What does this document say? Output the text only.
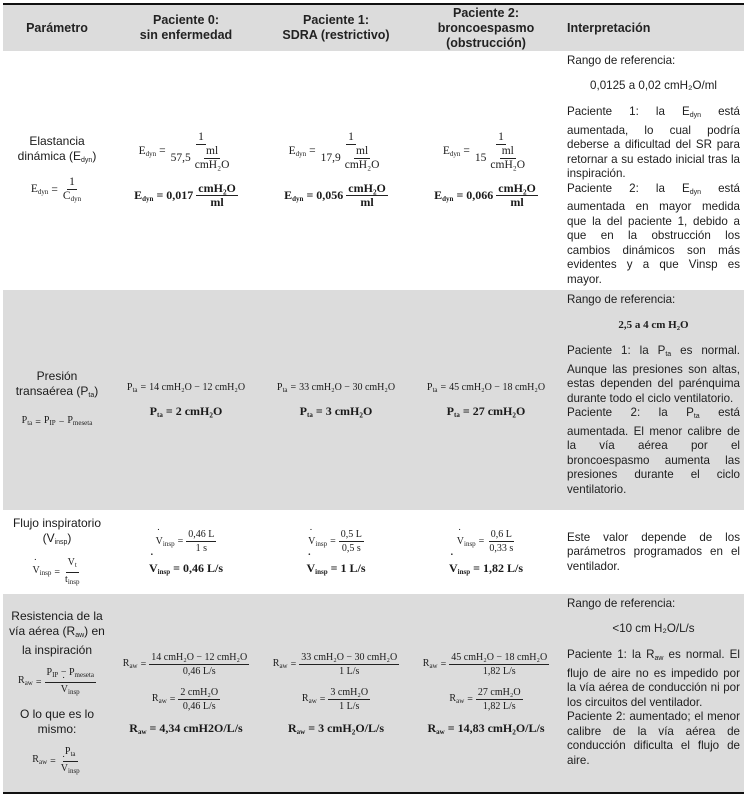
Parámetro
Paciente 0:
sin enfermedad
Paciente 1:
SDRA (restrictivo)
Paciente 2:
broncoespasmo
(obstrucción)
Interpretación
Elastancia dinámica $(E_{dyn})$
$E_{dyn} = \frac{1}{C_{dyn}}$
$E_{dyn} = \frac{1}{57,5 \frac{ml}{\text{cmH₂O}}}$
$E_{dyn} = 0,017 \frac{\text{cmH₂O}}{ml}$
$E_{dyn} = \frac{1}{17,9 \frac{ml}{\text{cmH₂O}}}$
$E_{dyn} = 0,056 \frac{\text{cmH₂O}}{ml}$
$E_{dyn} = \frac{1}{15 \frac{ml}{\text{cmH₂O}}}$
$E_{dyn} = 0,066 \frac{\text{cmH₂O}}{ml}$

Rango de referencia:

0,0125 a 0,02 cmH₂O/ml

Paciente 1: la $E_{dyn}$ está aumentada, lo cual podría deberse a dificultad del SR para retornar a su estado inicial tras la inspiración.

Paciente 2: la $E_{dyn}$ está aumentada en mayor medida que la del paciente 1, debido a que en la obstrucción los cambios dinámicos son más evidentes y a que Vinsp es mayor.

Presión transaérea $(P_{ta})$
$P_{ta} = P_{IP} - P_{meseta}$
$P_{ta} = 14$ cmH₂O − 12 cmH₂O
$P_{ta} = 2$ cmH₂O
$P_{ta} = 33$ cmH₂O − 30 cmH₂O
$P_{ta} = 3$ cmH₂O
$P_{ta} = 45$ cmH₂O − 18 cmH₂O
$P_{ta} = 27$ cmH₂O

Rango de referencia:

2,5 a 4 cm H₂O

Paciente 1: la $P_{ta}$ es normal. Aunque las presiones son altas, estas dependen del parénquima durante todo el ciclo ventilatorio.

Paciente 2: la $P_{ta}$ está aumentada. El menor calibre de la vía aérea por el broncoespasmo aumenta las presiones durante el ciclo ventilatorio.

Flujo inspiratorio
$(V_{insp})$
˙ $V_{insp} = \frac{V_t}{t_{insp}}$
˙ $V_{insp} = \frac{0,46 L}{1 s}$
˙ $V_{insp} = 0,46$ L/s
˙ $V_{insp} = \frac{0,5 L}{0,5 s}$
˙ $V_{insp} = 1$ L/s
˙ $V_{insp} = \frac{0,6 L}{0,33 s}$
˙ $V_{insp} = 1,82$ L/s

Este valor depende de los parámetros programados en el ventilador.

Resistencia de la vía aérea $(R_{aw})$ en la inspiración
$R_{aw} = P_{IP} - P_{meseta}$
˙ $V_{insp}$
O lo que es lo mismo:
$R_{aw} = P_{ta}$
˙ $V_{insp}$
$R_{aw} = \frac{\text{14 cmH₂O − 12 cmH₂O}}{0,46 L/s}$
$R_{aw} = \frac{\text{2 cmH₂O}}{0,46 L/s}$
$R_{aw} = 4,34$ cmH2O/L/s
$R_{aw} = \frac{\text{33 cmH₂O − 30 cmH₂O}}{1 L/s}$
$R_{aw} = \frac{\text{3 cmH₂O}}{1 L/s}$
$R_{aw} = 3$ cmH₂O/L/s
$R_{aw} = \frac{\text{45 cmH₂O − 18 cmH₂O}}{1,82 L/s}$
$R_{aw} = \frac{\text{27 cmH₂O}}{1,82 L/s}$
$R_{aw} = 14,83$ cmH₂O/L/s

Rango de referencia:

<10 cm H₂O/L/s

Paciente 1: la $R_{aw}$ es normal. El flujo de aire no es impedido por la vía aérea de conducción ni por los circuitos del ventilador.

Paciente 2: aumentado; el menor calibre de la vía aérea de conducción dificulta el flujo de aire.
